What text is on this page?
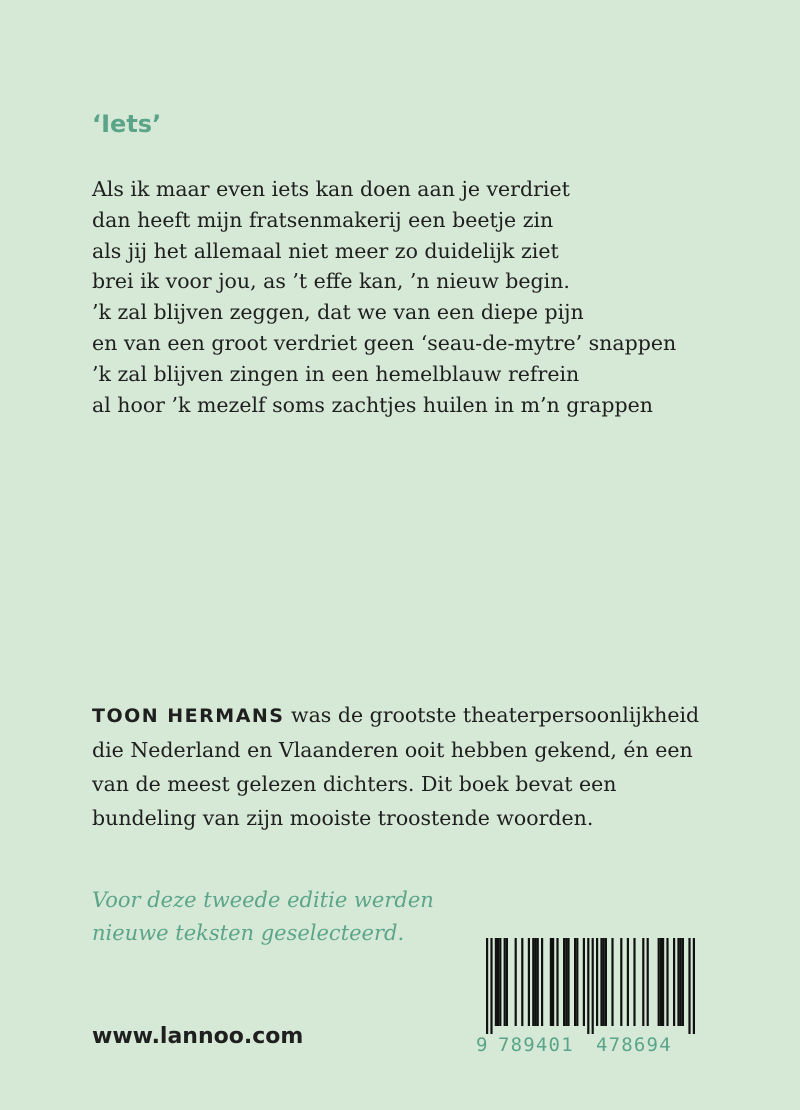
‘Iets’
Als ik maar even iets kan doen aan je verdriet
dan heeft mijn fratsenmakerij een beetje zin
als jij het allemaal niet meer zo duidelijk ziet
brei ik voor jou, as ’t effe kan, ’n nieuw begin.
’k zal blijven zeggen, dat we van een diepe pijn
en van een groot verdriet geen ‘seau-de-mytre’ snappen
’k zal blijven zingen in een hemelblauw refrein
al hoor ’k mezelf soms zachtjes huilen in m’n grappen

TOON HERMANS was de grootste theaterpersoonlijkheid die Nederland en Vlaanderen ooit hebben gekend, én een van de meest gelezen dichters. Dit boek bevat een bundeling van zijn mooiste troostende woorden.

Voor deze tweede editie werden nieuwe teksten geselecteerd.

www.lannoo.com	9 789401 478694
